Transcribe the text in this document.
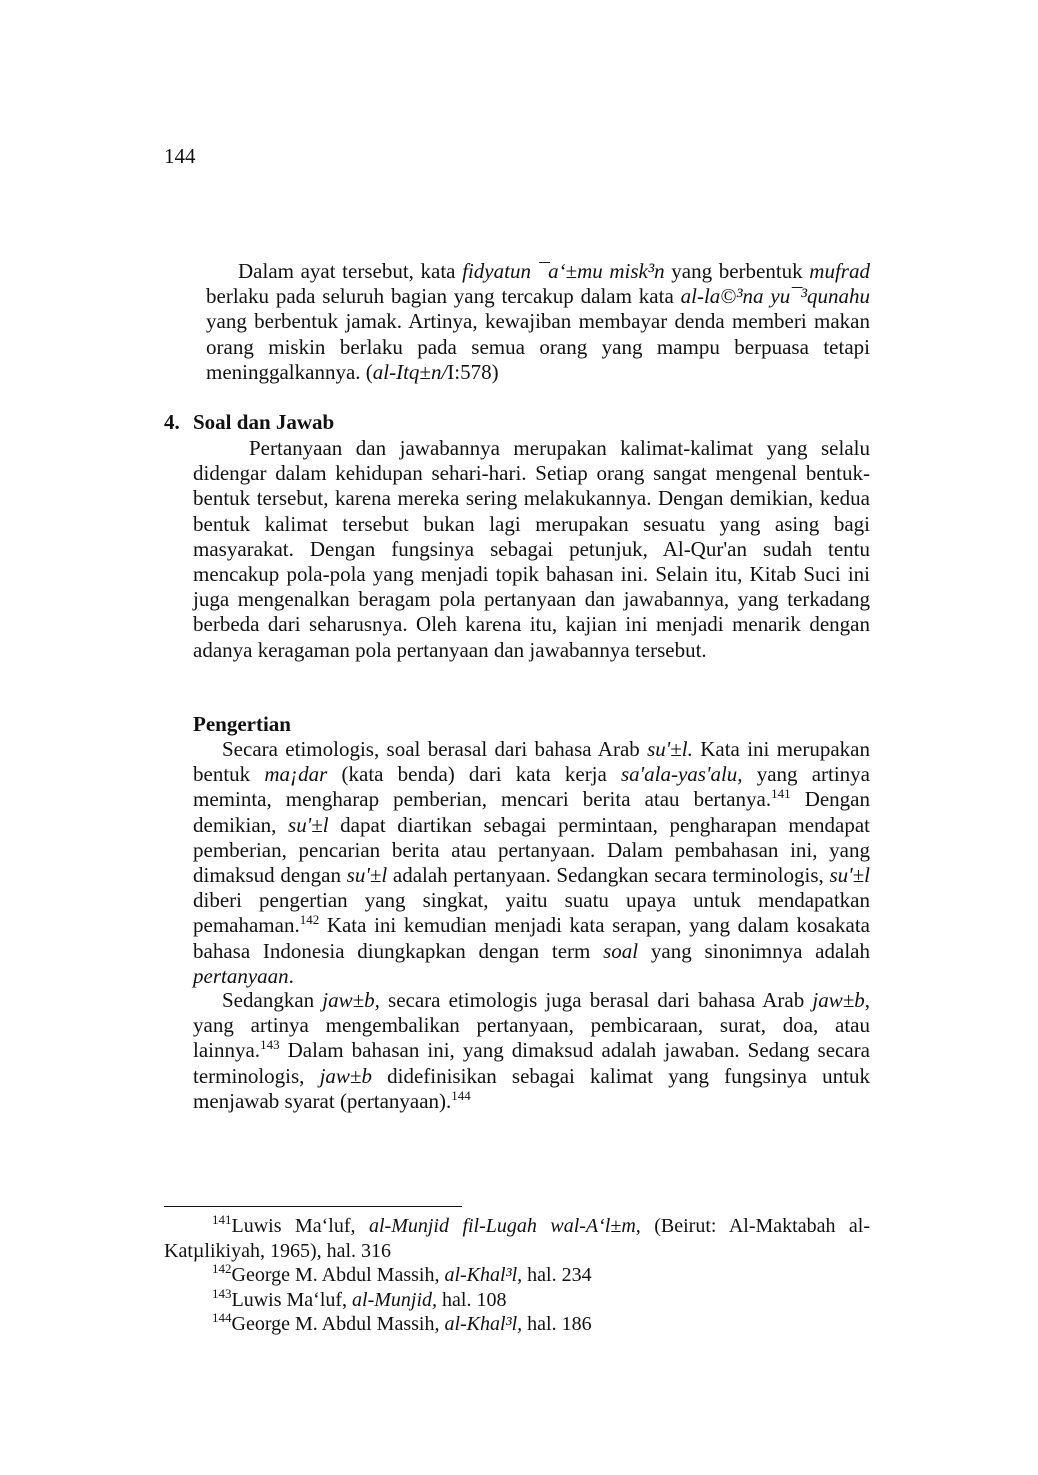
144

Dalam ayat tersebut, kata fidyatun ¯a‘±mu misk³n yang berbentuk mufrad berlaku pada seluruh bagian yang tercakup dalam kata al-la©³na yu¯³qunahu yang berbentuk jamak. Artinya, kewajiban membayar denda memberi makan orang miskin berlaku pada semua orang yang mampu berpuasa tetapi meninggalkannya. (al-Itq±n/I:578)

4. Soal dan Jawab

Pertanyaan dan jawabannya merupakan kalimat-kalimat yang selalu didengar dalam kehidupan sehari-hari. Setiap orang sangat mengenal bentuk-bentuk tersebut, karena mereka sering melakukannya. Dengan demikian, kedua bentuk kalimat tersebut bukan lagi merupakan sesuatu yang asing bagi masyarakat. Dengan fungsinya sebagai petunjuk, Al-Qur'an sudah tentu mencakup pola-pola yang menjadi topik bahasan ini. Selain itu, Kitab Suci ini juga mengenalkan beragam pola pertanyaan dan jawabannya, yang terkadang berbeda dari seharusnya. Oleh karena itu, kajian ini menjadi menarik dengan adanya keragaman pola pertanyaan dan jawabannya tersebut.

Pengertian

Secara etimologis, soal berasal dari bahasa Arab su'±l. Kata ini merupakan bentuk ma¡dar (kata benda) dari kata kerja sa'ala-yas'alu, yang artinya meminta, mengharap pemberian, mencari berita atau bertanya.$^{141}$ Dengan demikian, su'±l dapat diartikan sebagai permintaan, pengharapan mendapat pemberian, pencarian berita atau pertanyaan. Dalam pembahasan ini, yang dimaksud dengan su'±l adalah pertanyaan. Sedangkan secara terminologis, su'±l diberi pengertian yang singkat, yaitu suatu upaya untuk mendapatkan pemahaman.$^{142}$ Kata ini kemudian menjadi kata serapan, yang dalam kosakata bahasa Indonesia diungkapkan dengan term soal yang sinonimnya adalah pertanyaan.

Sedangkan jaw±b, secara etimologis juga berasal dari bahasa Arab jaw±b, yang artinya mengembalikan pertanyaan, pembicaraan, surat, doa, atau lainnya.$^{143}$ Dalam bahasan ini, yang dimaksud adalah jawaban. Sedang secara terminologis, jaw±b didefinisikan sebagai kalimat yang fungsinya untuk menjawab syarat (pertanyaan).$^{144}$

$^{141}$Luwis Ma‘luf, al-Munjid fil-Lugah wal-A‘l±m, (Beirut: Al-Maktabah al-Katµlikiyah, 1965), hal. 316

$^{142}$George M. Abdul Massih, al-Khal³l, hal. 234

$^{143}$Luwis Ma‘luf, al-Munjid, hal. 108

$^{144}$George M. Abdul Massih, al-Khal³l, hal. 186
